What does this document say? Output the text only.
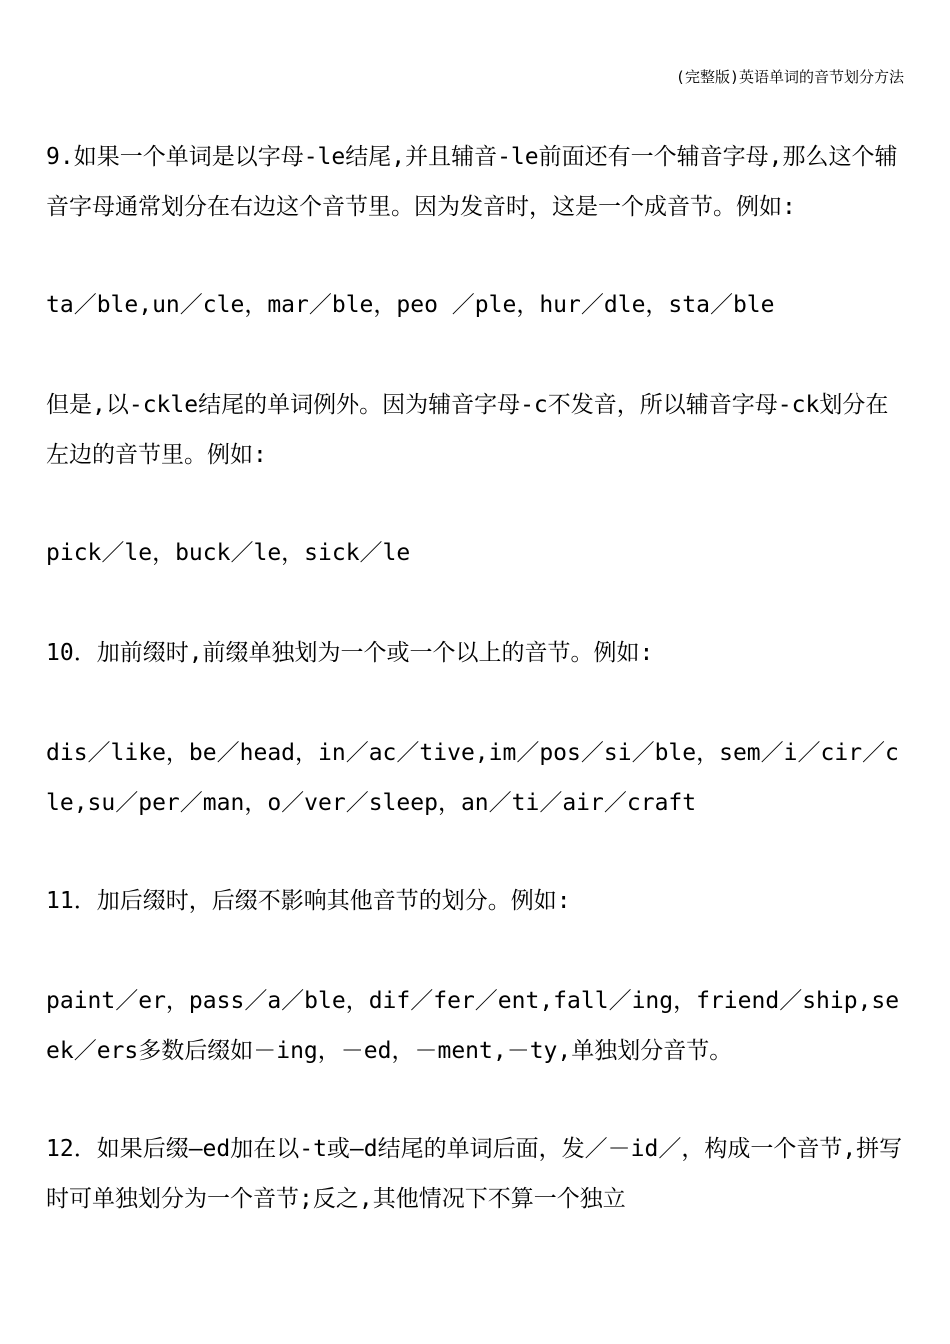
(完整版)英语单词的音节划分方法

9.如果一个单词是以字母-le结尾,并且辅音-le前面还有一个辅音字母,那么这个辅音字母通常划分在右边这个音节里。因为发音时，这是一个成音节。例如:

ta／ble,un／cle，mar／ble，peo ／ple，hur／dle，sta／ble

但是,以-ckle结尾的单词例外。因为辅音字母-c不发音，所以辅音字母-ck划分在左边的音节里。例如:

pick／le，buck／le，sick／le

10．加前缀时,前缀单独划为一个或一个以上的音节。例如:

dis／like，be／head，in／ac／tive,im／pos／si／ble，sem／i／cir／cle,su／per／man，o／ver／sleep，an／ti／air／craft

11．加后缀时，后缀不影响其他音节的划分。例如:

paint／er，pass／a／ble，dif／fer／ent,fall／ing，friend／ship,seek／ers多数后缀如－ing，－ed，－ment,－ty,单独划分音节。

12．如果后缀—ed加在以-t或—d结尾的单词后面，发／－id／，构成一个音节,拼写时可单独划分为一个音节;反之,其他情况下不算一个独立
